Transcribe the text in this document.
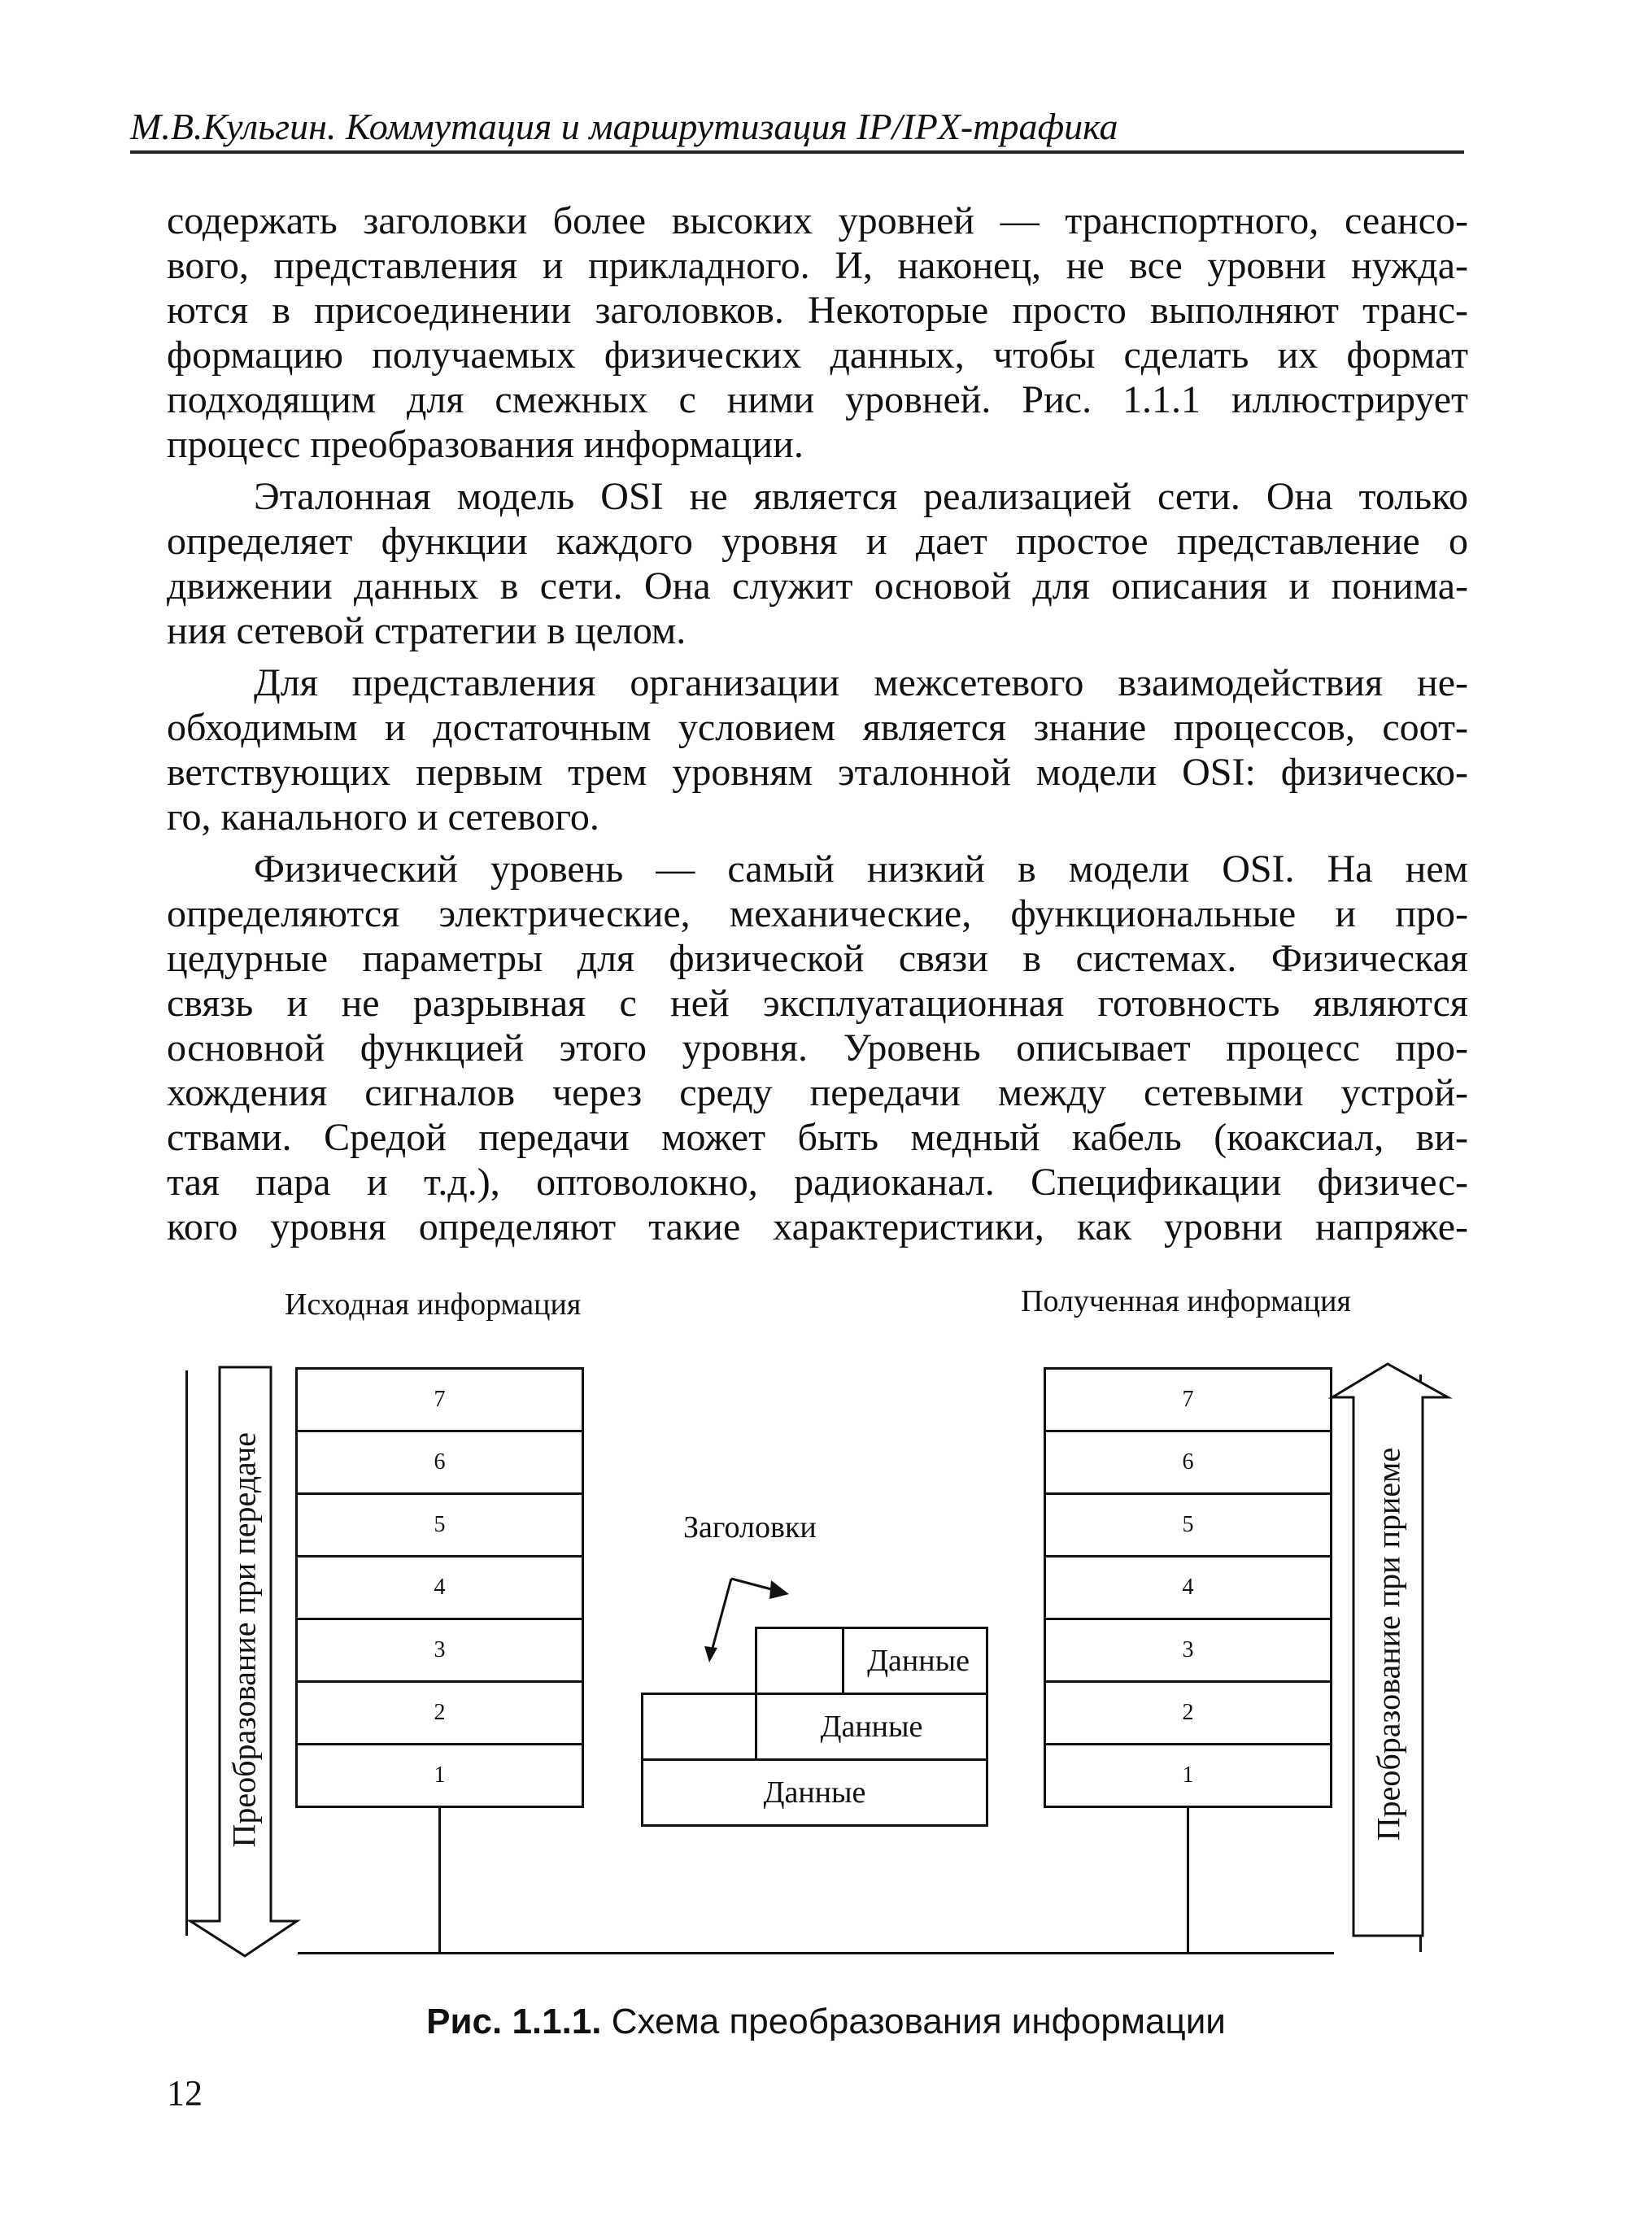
М.В.Кульгин. Коммутация и маршрутизация IP/IPX-трафика

содержать заголовки более высоких уровней — транспортного, сеансо-
вого, представления и прикладного. И, наконец, не все уровни нужда-
ются в присоединении заголовков. Некоторые просто выполняют транс-
формацию получаемых физических данных, чтобы сделать их формат
подходящим для смежных с ними уровней. Рис. 1.1.1 иллюстрирует
процесс преобразования информации.

Эталонная модель OSI не является реализацией сети. Она только
определяет функции каждого уровня и дает простое представление о
движении данных в сети. Она служит основой для описания и понима-
ния сетевой стратегии в целом.

Для представления организации межсетевого взаимодействия не-
обходимым и достаточным условием является знание процессов, соот-
ветствующих первым трем уровням эталонной модели OSI: физическо-
го, канального и сетевого.

Физический уровень — самый низкий в модели OSI. На нем
определяются электрические, механические, функциональные и про-
цедурные параметры для физической связи в системах. Физическая
связь и не разрывная с ней эксплуатационная готовность являются
основной функцией этого уровня. Уровень описывает процесс про-
хождения сигналов через среду передачи между сетевыми устрой-
ствами. Средой передачи может быть медный кабель (коаксиал, ви-
тая пара и т.д.), оптоволокно, радиоканал. Спецификации физичес-
кого уровня определяют такие характеристики, как уровни напряже-

Исходная информация	Полученная информация
Заголовки
7
6
5
4
3
2
1
7
6
5
4
3
2
1
Данные
Данные
Данные
Преобразование при передаче	Преобразование при приеме
Рис. 1.1.1. Схема преобразования информации
12
